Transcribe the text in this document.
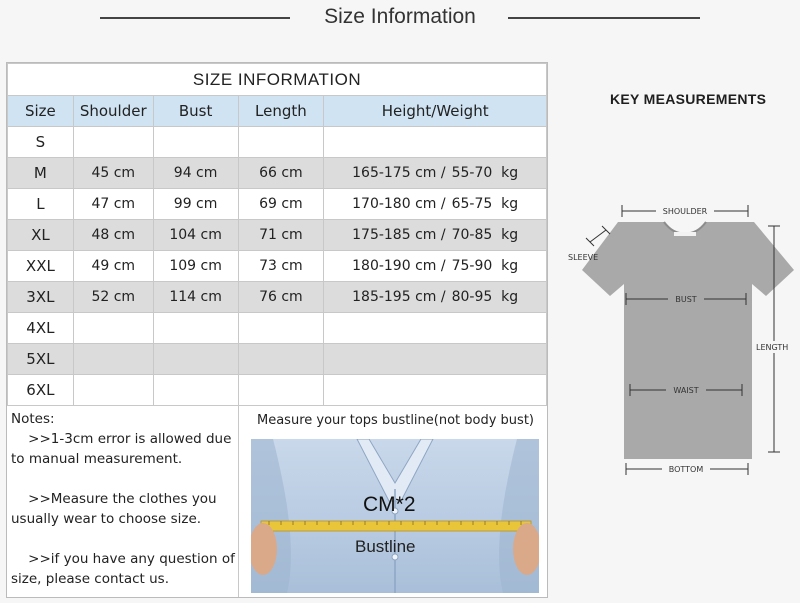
Size Information
SIZE INFORMATION				
Size	Shoulder	Bust	Length	Height/Weight
S				
M	45 cm	94 cm	66 cm	165-175 cm / 55-70  kg
L	47 cm	99 cm	69 cm	170-180 cm / 65-75  kg
XL	48 cm	104 cm	71 cm	175-185 cm / 70-85  kg
XXL	49 cm	109 cm	73 cm	180-190 cm / 75-90  kg
3XL	52 cm	114 cm	76 cm	185-195 cm / 80-95  kg
4XL				
5XL				
6XL				

Notes:

>>1-3cm error is allowed due

to manual measurement.

>>Measure the clothes you

usually wear to choose size.

>>if you have any question of

size, please contact us.

Measure your tops bustline(not body bust)
CM*2
Bustline
KEY MEASUREMENTS
SHOULDER
SLEEVE
BUST
WAIST
BOTTOM
LENGTH
